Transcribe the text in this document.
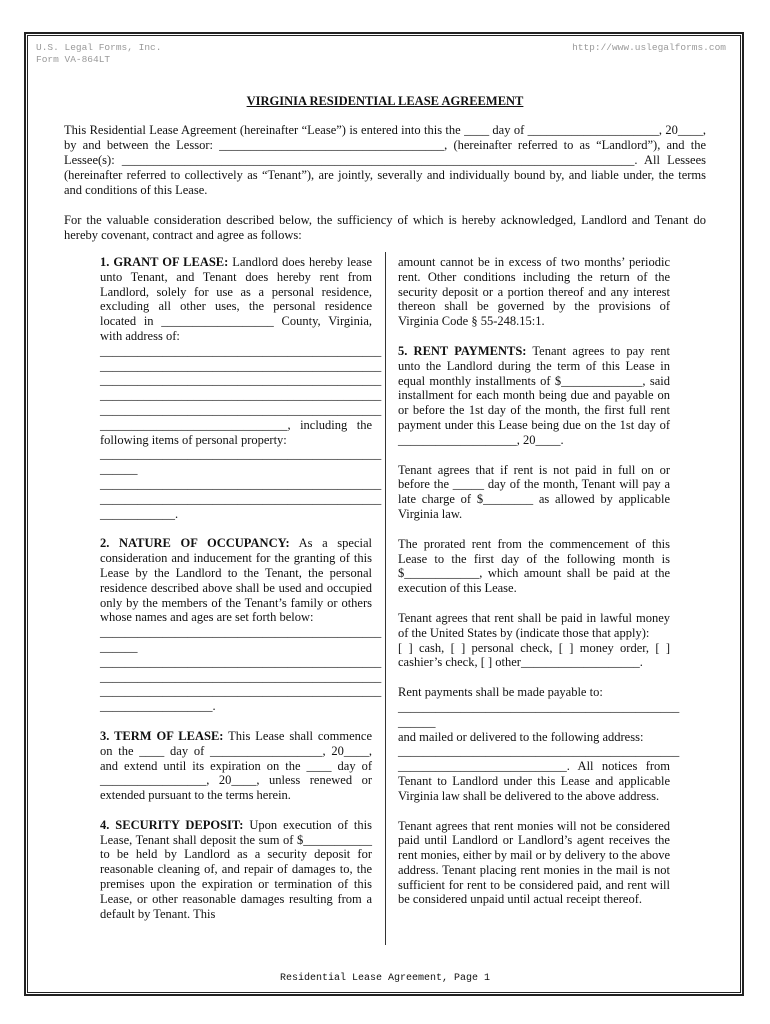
U.S. Legal Forms, Inc.
Form VA-864LT
http://www.uslegalforms.com
VIRGINIA RESIDENTIAL LEASE AGREEMENT

This Residential Lease Agreement (hereinafter “Lease”) is entered into this the ____ day of _____________________, 20____, by and between the Lessor: ____________________________________, (hereinafter referred to as “Landlord”), and the Lessee(s): __________________________________________________________________________________. All Lessees (hereinafter referred to collectively as “Tenant”), are jointly, severally and individually bound by, and liable under, the terms and conditions of this Lease.

For the valuable consideration described below, the sufficiency of which is hereby acknowledged, Landlord and Tenant do hereby covenant, contract and agree as follows:

1. GRANT OF LEASE: Landlord does hereby lease unto Tenant, and Tenant does hereby rent from Landlord, solely for use as a personal residence, excluding all other uses, the personal residence located in __________________ County, Virginia, with address of:
_____________________________________________
_____________________________________________
_____________________________________________
_____________________________________________
_____________________________________________
______________________________, including the following items of personal property:
_____________________________________________ ______
_____________________________________________
_____________________________________________ ____________.

2. NATURE OF OCCUPANCY: As a special consideration and inducement for the granting of this Lease by the Landlord to the Tenant, the personal residence described above shall be used and occupied only by the members of the Tenant’s family or others whose names and ages are set forth below:
_____________________________________________ ______
_____________________________________________
_____________________________________________
_____________________________________________ __________________.

3. TERM OF LEASE: This Lease shall commence on the ____ day of __________________, 20____, and extend until its expiration on the ____ day of _________________, 20____, unless renewed or extended pursuant to the terms herein.

4. SECURITY DEPOSIT: Upon execution of this Lease, Tenant shall deposit the sum of $___________ to be held by Landlord as a security deposit for reasonable cleaning of, and repair of damages to, the premises upon the expiration or termination of this Lease, or other reasonable damages resulting from a default by Tenant. This

amount cannot be in excess of two months’ periodic rent. Other conditions including the return of the security deposit or a portion thereof and any interest thereon shall be governed by the provisions of Virginia Code § 55-248.15:1.

5. RENT PAYMENTS: Tenant agrees to pay rent unto the Landlord during the term of this Lease in equal monthly installments of $_____________, said installment for each month being due and payable on or before the 1st day of the month, the first full rent payment under this Lease being due on the 1st day of ___________________, 20____.

Tenant agrees that if rent is not paid in full on or before the _____ day of the month, Tenant will pay a late charge of $________ as allowed by applicable Virginia law.

The prorated rent from the commencement of this Lease to the first day of the following month is $____________, which amount shall be paid at the execution of this Lease.

Tenant agrees that rent shall be paid in lawful money of the United States by (indicate those that apply):
[ ] cash, [ ] personal check, [ ] money order, [ ] cashier’s check, [ ] other___________________.

Rent payments shall be made payable to:
_____________________________________________ ______
and mailed or delivered to the following address:
_____________________________________________
___________________________. All notices from Tenant to Landlord under this Lease and applicable Virginia law shall be delivered to the above address.

Tenant agrees that rent monies will not be considered paid until Landlord or Landlord’s agent receives the rent monies, either by mail or by delivery to the above address. Tenant placing rent monies in the mail is not sufficient for rent to be considered paid, and rent will be considered unpaid until actual receipt thereof.

Residential Lease Agreement, Page 1
